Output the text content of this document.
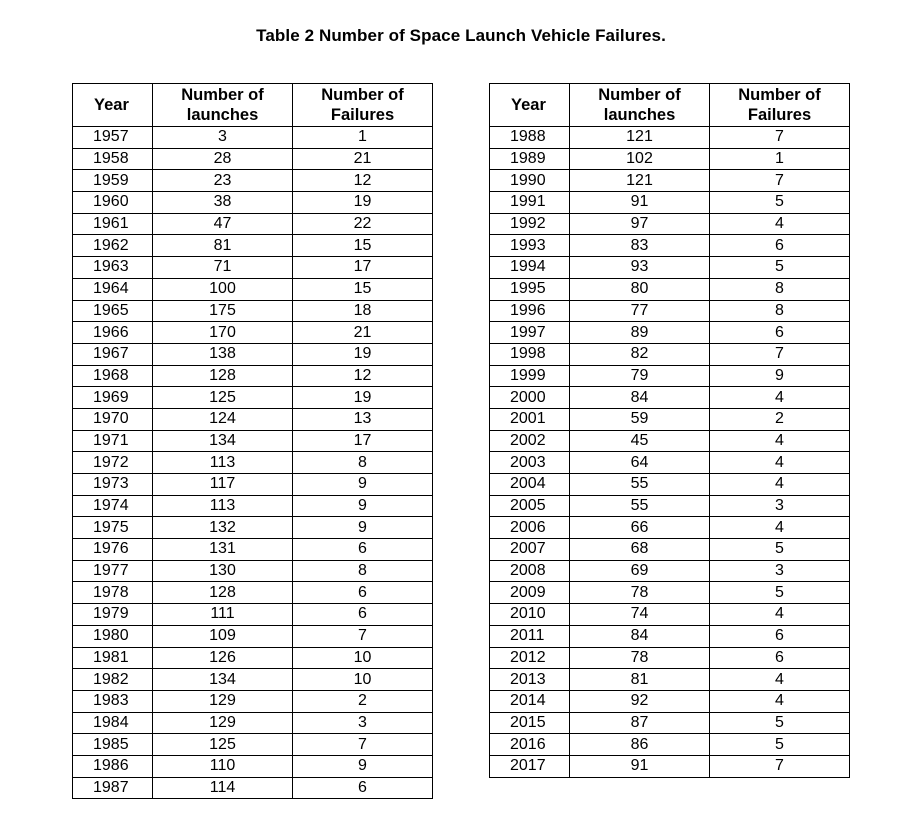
Table 2 Number of Space Launch Vehicle Failures.
Year	Number of launches	Number of Failures
1957	3	1
1958	28	21
1959	23	12
1960	38	19
1961	47	22
1962	81	15
1963	71	17
1964	100	15
1965	175	18
1966	170	21
1967	138	19
1968	128	12
1969	125	19
1970	124	13
1971	134	17
1972	113	8
1973	117	9
1974	113	9
1975	132	9
1976	131	6
1977	130	8
1978	128	6
1979	111	6
1980	109	7
1981	126	10
1982	134	10
1983	129	2
1984	129	3
1985	125	7
1986	110	9
1987	114	6
Year	Number of launches	Number of Failures
1988	121	7
1989	102	1
1990	121	7
1991	91	5
1992	97	4
1993	83	6
1994	93	5
1995	80	8
1996	77	8
1997	89	6
1998	82	7
1999	79	9
2000	84	4
2001	59	2
2002	45	4
2003	64	4
2004	55	4
2005	55	3
2006	66	4
2007	68	5
2008	69	3
2009	78	5
2010	74	4
2011	84	6
2012	78	6
2013	81	4
2014	92	4
2015	87	5
2016	86	5
2017	91	7
